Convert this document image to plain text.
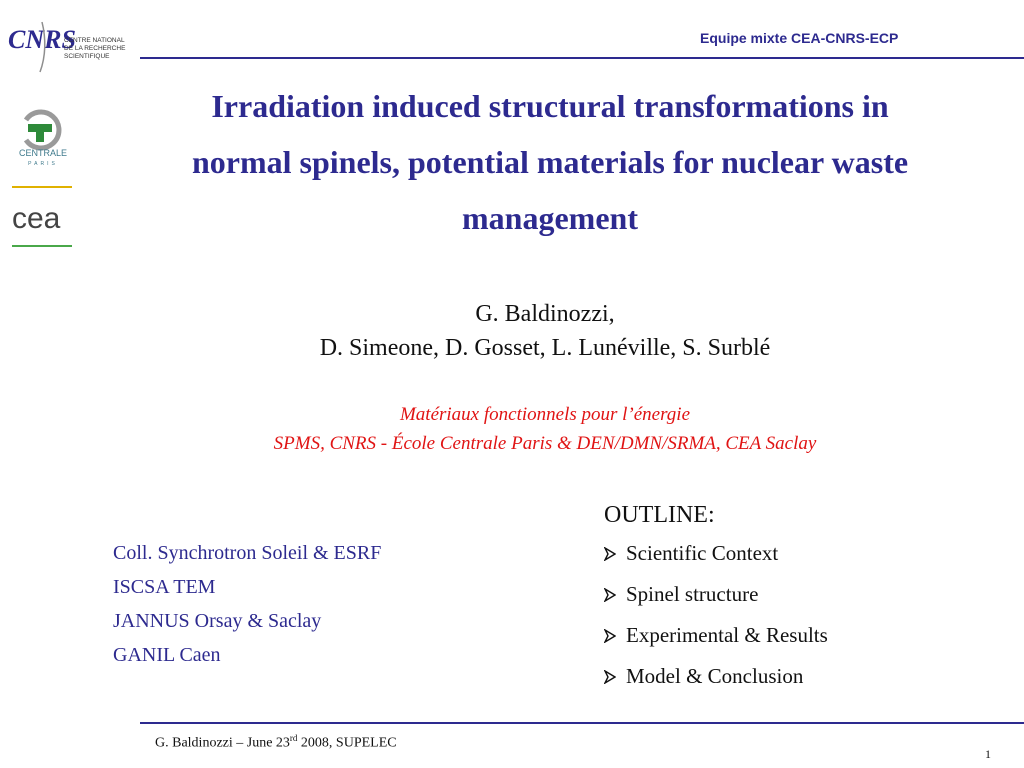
Equipe mixte CEA-CNRS-ECP
CNRS
CENTRE NATIONAL
DE LA RECHERCHE
SCIENTIFIQUE
CENTRALE
PARIS
cea
Irradiation induced structural transformations in
normal spinels, potential materials for nuclear waste
management
G. Baldinozzi,
D. Simeone, D. Gosset, L. Lunéville, S. Surblé
Matériaux fonctionnels pour l’énergie
SPMS, CNRS - École Centrale Paris & DEN/DMN/SRMA, CEA Saclay
Coll. Synchrotron Soleil & ESRF
ISCSA TEM
JANNUS Orsay & Saclay
GANIL Caen
OUTLINE:
Scientific Context
Spinel structure
Experimental & Results
Model & Conclusion
G. Baldinozzi – June 23rd 2008, SUPELEC
1
